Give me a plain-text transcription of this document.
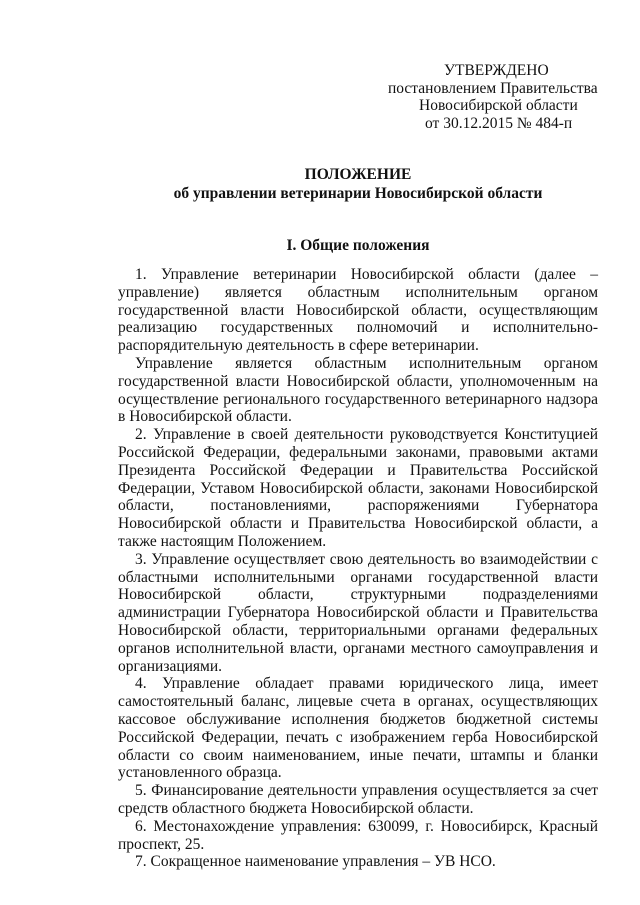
УТВЕРЖДЕНО
постановлением Правительства
Новосибирской области
от 30.12.2015 № 484-п
ПОЛОЖЕНИЕ
об управлении ветеринарии Новосибирской области
I. Общие положения

1. Управление ветеринарии Новосибирской области (далее – управление) является областным исполнительным органом государственной власти Новосибирской области, осуществляющим реализацию государственных полномочий и исполнительно-распорядительную деятельность в сфере ветеринарии.

Управление является областным исполнительным органом государственной власти Новосибирской области, уполномоченным на осуществление регионального государственного ветеринарного надзора в Новосибирской области.

2. Управление в своей деятельности руководствуется Конституцией Российской Федерации, федеральными законами, правовыми актами Президента Российской Федерации и Правительства Российской Федерации, Уставом Новосибирской области, законами Новосибирской области, постановлениями, распоряжениями Губернатора Новосибирской области и Правительства Новосибирской области, а также настоящим Положением.

3. Управление осуществляет свою деятельность во взаимодействии с областными исполнительными органами государственной власти Новосибирской области, структурными подразделениями администрации Губернатора Новосибирской области и Правительства Новосибирской области, территориальными органами федеральных органов исполнительной власти, органами местного самоуправления и организациями.

4. Управление обладает правами юридического лица, имеет самостоятельный баланс, лицевые счета в органах, осуществляющих кассовое обслуживание исполнения бюджетов бюджетной системы Российской Федерации, печать с изображением герба Новосибирской области со своим наименованием, иные печати, штампы и бланки установленного образца.

5. Финансирование деятельности управления осуществляется за счет средств областного бюджета Новосибирской области.

6. Местонахождение управления: 630099, г. Новосибирск, Красный проспект, 25.

7. Сокращенное наименование управления – УВ НСО.
